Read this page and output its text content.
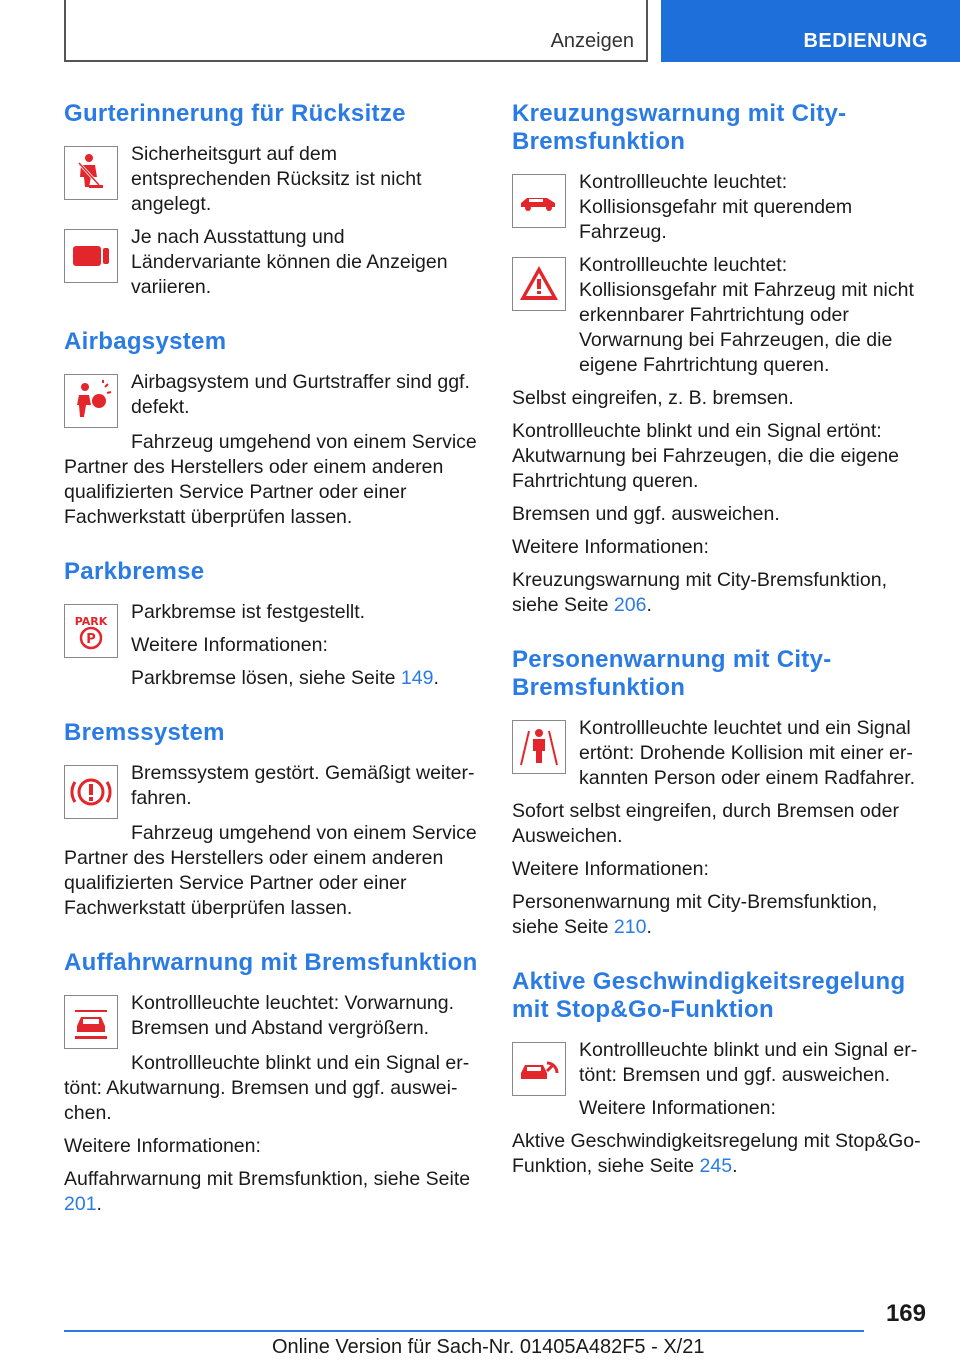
Anzeigen	BEDIENUNG
Gurterinnerung für Rücksitze

Sicherheitsgurt auf dem entsprechenden Rücksitz ist nicht angelegt.

Je nach Ausstattung und Ländervariante können die Anzeigen variieren.

Airbagsystem

Airbagsystem und Gurtstraffer sind ggf. defekt.

Fahrzeug umgehend von einem Service Partner des Herstellers oder einem anderen qualifizierten Service Partner oder einer Fachwerkstatt überprüfen lassen.

Parkbremse
PARK
P

Parkbremse ist festgestellt.

Weitere Informationen:

Parkbremse lösen, siehe Seite 149.

Bremssystem

Bremssystem gestört. Gemäßigt weiterfahren.

Fahrzeug umgehend von einem Service Partner des Herstellers oder einem anderen qualifizierten Service Partner oder einer Fachwerkstatt überprüfen lassen.

Auffahrwarnung mit Bremsfunktion

Kontrollleuchte leuchtet: Vorwarnung. Bremsen und Abstand vergrößern.

Kontrollleuchte blinkt und ein Signal ertönt: Akutwarnung. Bremsen und ggf. ausweichen.

Weitere Informationen:

Auffahrwarnung mit Bremsfunktion, siehe Seite 201.

Kreuzungswarnung mit City-Bremsfunktion

Kontrollleuchte leuchtet: Kollisionsgefahr mit querendem Fahrzeug.

Kontrollleuchte leuchtet: Kollisionsgefahr mit Fahrzeug mit nicht erkennbarer Fahrtrichtung oder Vorwarnung bei Fahrzeugen, die die eigene Fahrtrichtung queren.

Selbst eingreifen, z. B. bremsen.

Kontrollleuchte blinkt und ein Signal ertönt: Akutwarnung bei Fahrzeugen, die die eigene Fahrtrichtung queren.

Bremsen und ggf. ausweichen.

Weitere Informationen:

Kreuzungswarnung mit City-Bremsfunktion, siehe Seite 206.

Personenwarnung mit City-Bremsfunktion

Kontrollleuchte leuchtet und ein Signal ertönt: Drohende Kollision mit einer erkannten Person oder einem Radfahrer.

Sofort selbst eingreifen, durch Bremsen oder Ausweichen.

Weitere Informationen:

Personenwarnung mit City-Bremsfunktion, siehe Seite 210.

Aktive Geschwindigkeitsregelung mit Stop&Go-Funktion

Kontrollleuchte blinkt und ein Signal ertönt: Bremsen und ggf. ausweichen.

Weitere Informationen:

Aktive Geschwindigkeitsregelung mit Stop&Go-Funktion, siehe Seite 245.

169
Online Version für Sach-Nr. 01405A482F5 - X/21
